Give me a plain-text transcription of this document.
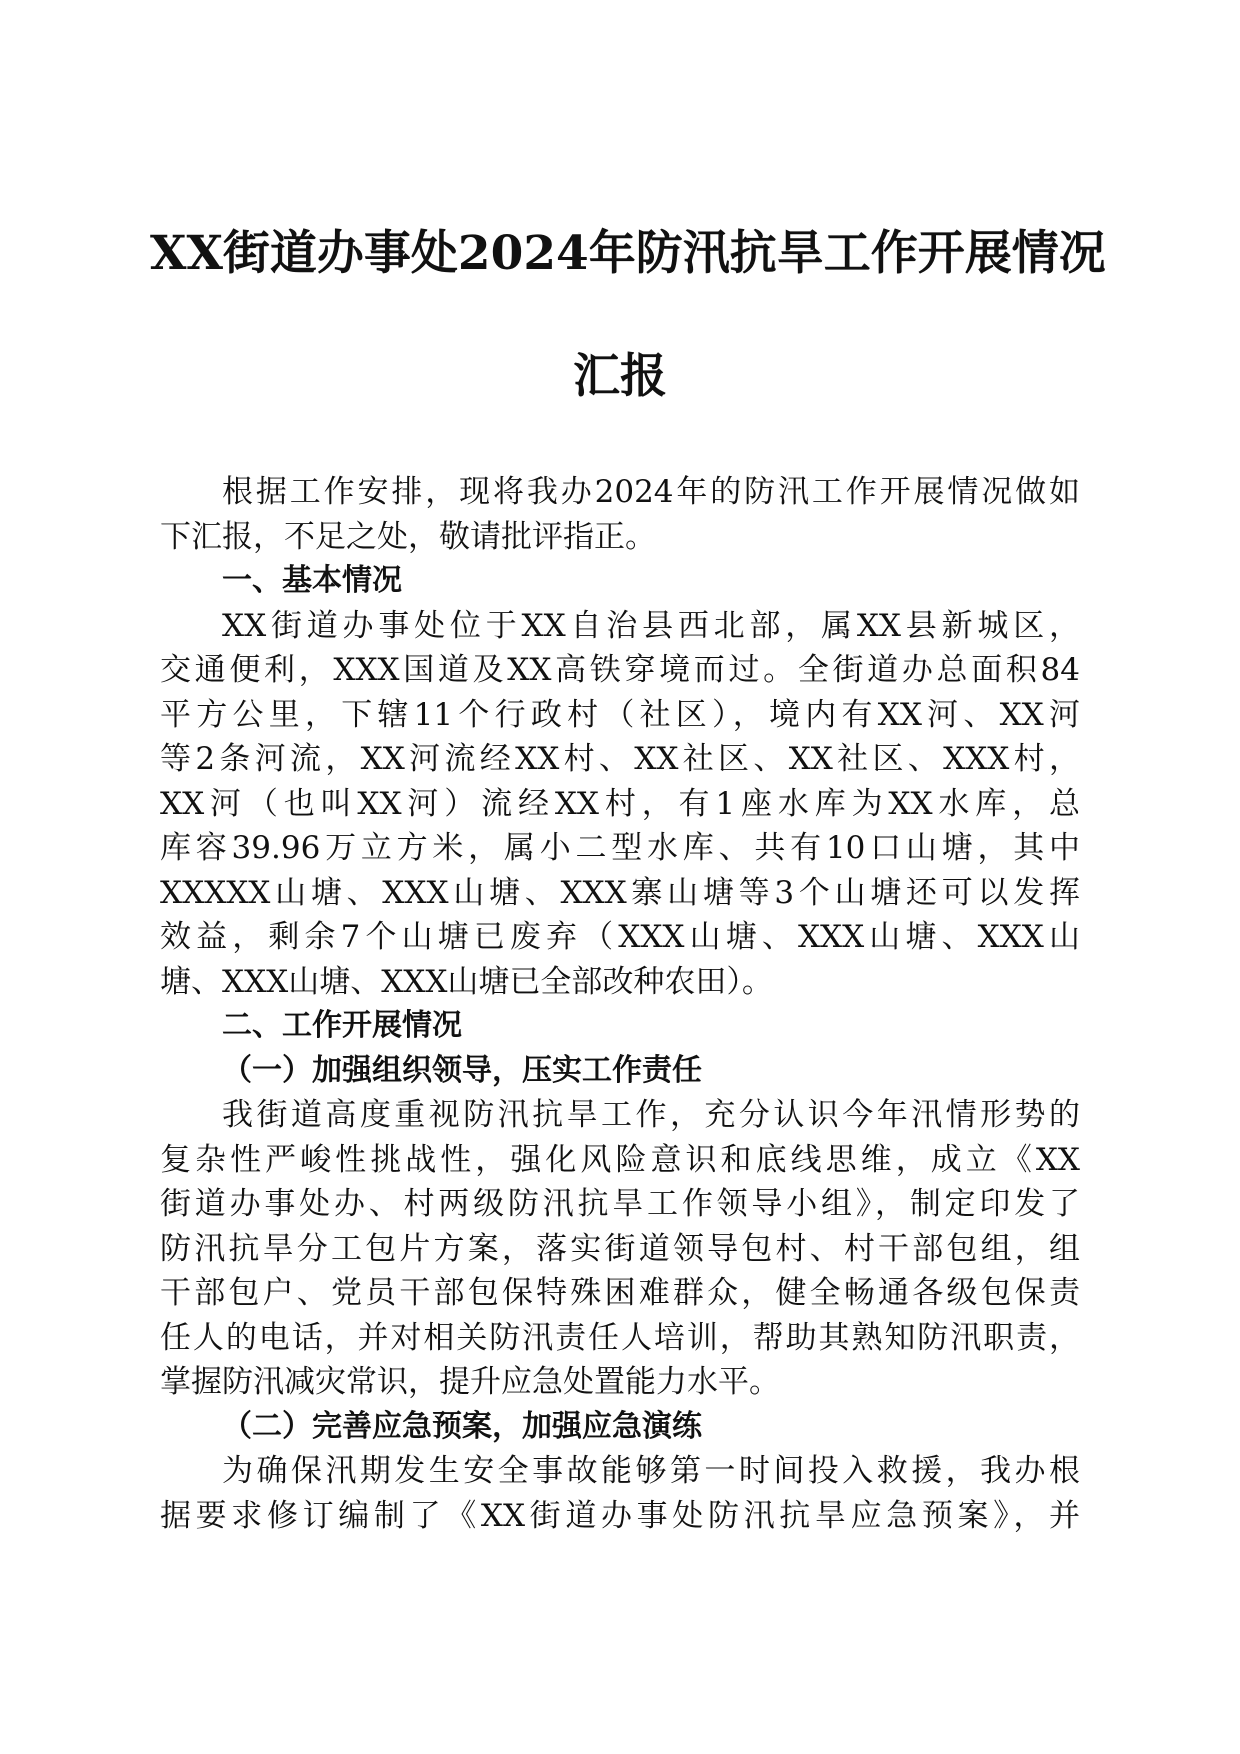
XX街道办事处2024年防汛抗旱工作开展情况
汇报
根据工作安排，现将我办2024年的防汛工作开展情况做如
下汇报，不足之处，敬请批评指正。
一、基本情况
XX街道办事处位于XX自治县西北部，属XX县新城区，
交通便利，XXX国道及XX高铁穿境而过。全街道办总面积84
平方公里，下辖11个行政村（社区），境内有XX河、XX河
等2条河流，XX河流经XX村、XX社区、XX社区、XXX村，
XX河（也叫XX河）流经XX村，有1座水库为XX水库，总
库容39.96万立方米，属小二型水库、共有10口山塘，其中
XXXXX山塘、XXX山塘、XXX寨山塘等3个山塘还可以发挥
效益，剩余7个山塘已废弃（XXX山塘、XXX山塘、XXX山
塘、XXX山塘、XXX山塘已全部改种农田）。
二、工作开展情况
（一）加强组织领导，压实工作责任
我街道高度重视防汛抗旱工作，充分认识今年汛情形势的
复杂性严峻性挑战性，强化风险意识和底线思维，成立《XX
街道办事处办、村两级防汛抗旱工作领导小组》，制定印发了
防汛抗旱分工包片方案，落实街道领导包村、村干部包组，组
干部包户、党员干部包保特殊困难群众，健全畅通各级包保责
任人的电话，并对相关防汛责任人培训，帮助其熟知防汛职责，
掌握防汛减灾常识，提升应急处置能力水平。
（二）完善应急预案，加强应急演练
为确保汛期发生安全事故能够第一时间投入救援，我办根
据要求修订编制了《XX街道办事处防汛抗旱应急预案》，并
